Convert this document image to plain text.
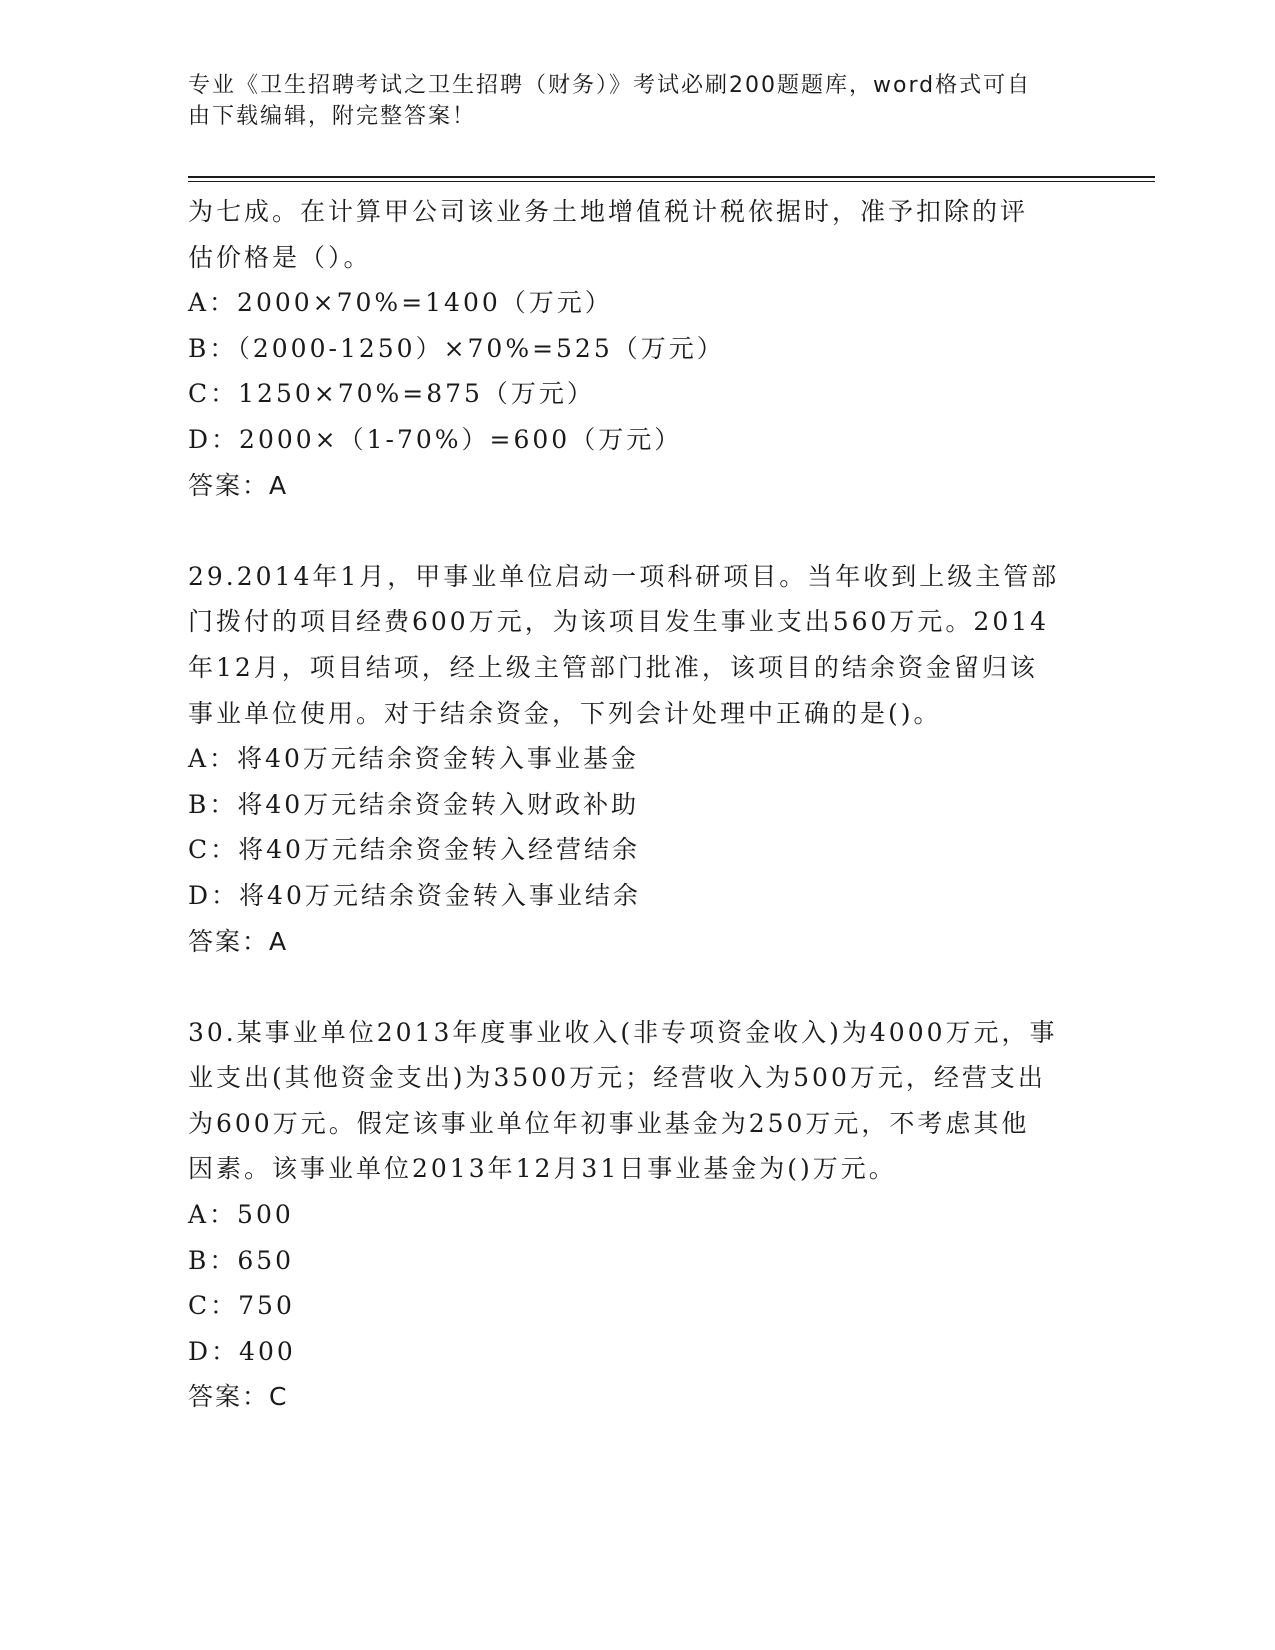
专业《卫生招聘考试之卫生招聘（财务）》考试必刷200题题库，word格式可自
由下载编辑，附完整答案！
为七成。在计算甲公司该业务土地增值税计税依据时，准予扣除的评
估价格是（）。
A：2000×70%=1400（万元）
B：（2000-1250）×70%=525（万元）
C：1250×70%=875（万元）
D：2000×（1-70%）=600（万元）
答案：A
29.2014年1月，甲事业单位启动一项科研项目。当年收到上级主管部
门拨付的项目经费600万元，为该项目发生事业支出560万元。2014
年12月，项目结项，经上级主管部门批准，该项目的结余资金留归该
事业单位使用。对于结余资金，下列会计处理中正确的是()。
A：将40万元结余资金转入事业基金
B：将40万元结余资金转入财政补助
C：将40万元结余资金转入经营结余
D：将40万元结余资金转入事业结余
答案：A
30.某事业单位2013年度事业收入(非专项资金收入)为4000万元，事
业支出(其他资金支出)为3500万元；经营收入为500万元，经营支出
为600万元。假定该事业单位年初事业基金为250万元，不考虑其他
因素。该事业单位2013年12月31日事业基金为()万元。
A：500
B：650
C：750
D：400
答案：C
